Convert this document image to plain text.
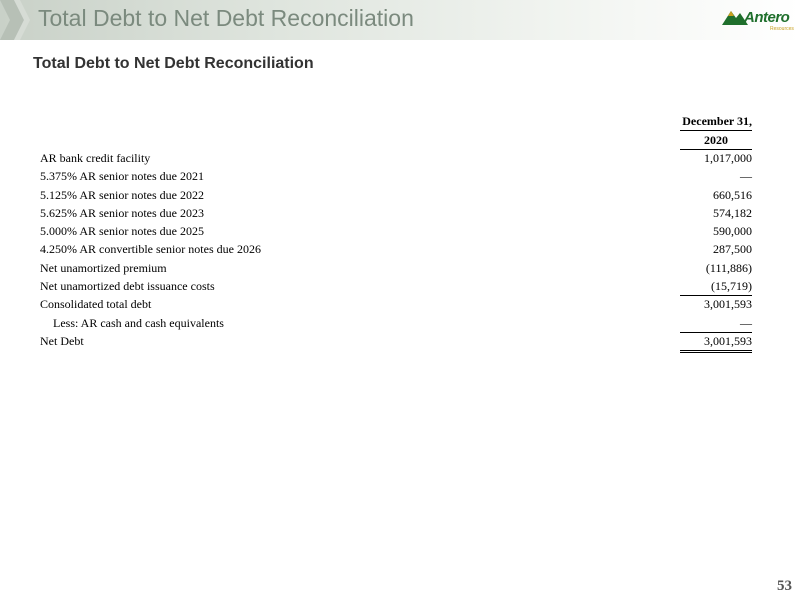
Total Debt to Net Debt Reconciliation	Antero
Resources
Total Debt to Net Debt Reconciliation
December 31,
2020
AR bank credit facility	1,017,000
5.375% AR senior notes due 2021	—
5.125% AR senior notes due 2022	660,516
5.625% AR senior notes due 2023	574,182
5.000% AR senior notes due 2025	590,000
4.250% AR convertible senior notes due 2026	287,500
Net unamortized premium	(111,886)
Net unamortized debt issuance costs	(15,719)
Consolidated total debt	3,001,593
Less: AR cash and cash equivalents	—
Net Debt	3,001,593
53
